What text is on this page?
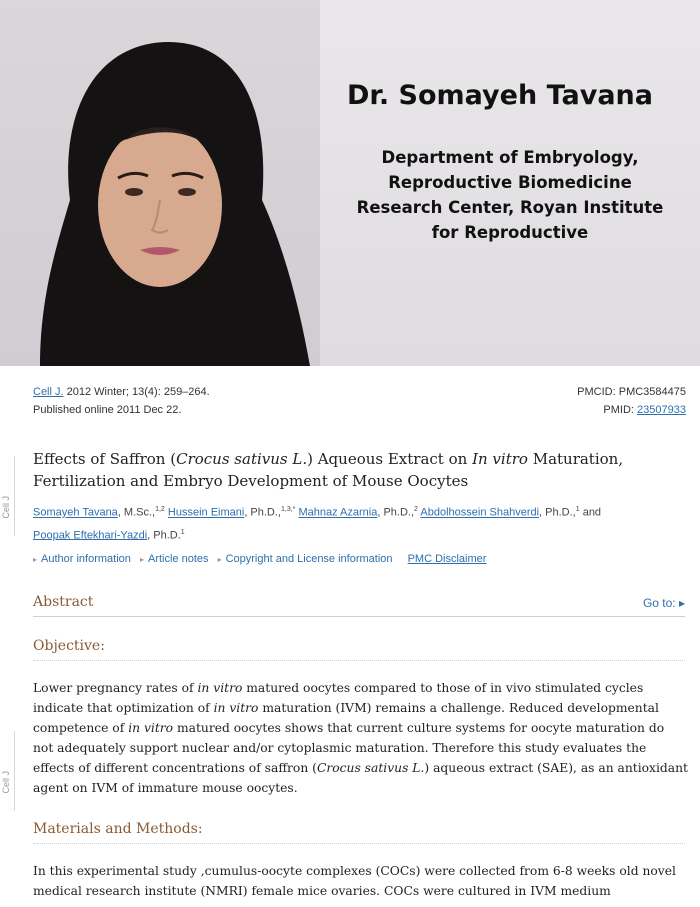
Dr. Somayeh Tavana
Department of Embryology, Reproductive Biomedicine Research Center, Royan Institute for Reproductive
Cell J
Cell J
Cell J. 2012 Winter; 13(4): 259–264.
Published online 2011 Dec 22.
PMCID: PMC3584475
PMID: 23507933
Effects of Saffron (Crocus sativus L.) Aqueous Extract on In vitro Maturation, Fertilization and Embryo Development of Mouse Oocytes
Somayeh Tavana, M.Sc.,$^{1,2}$ Hussein Eimani, Ph.D.,$^{1,3,*}$ Mahnaz Azarnia, Ph.D.,$^2$ Abdolhossein Shahverdi, Ph.D.,$^1$ and
Poopak Eftekhari-Yazdi, Ph.D.$^1$
▸ Author information ▸ Article notes ▸ Copyright and License information PMC Disclaimer
Abstract	Go to: ▸
Objective:
Lower pregnancy rates of in vitro matured oocytes compared to those of in vivo stimulated cycles indicate that optimization of in vitro maturation (IVM) remains a challenge. Reduced developmental competence of in vitro matured oocytes shows that current culture systems for oocyte maturation do not adequately support nuclear and/or cytoplasmic maturation. Therefore this study evaluates the effects of different concentrations of saffron (Crocus sativus L.) aqueous extract (SAE), as an antioxidant agent on IVM of immature mouse oocytes.
Materials and Methods:
In this experimental study ,cumulus-oocyte complexes (COCs) were collected from 6-8 weeks old novel medical research institute (NMRI) female mice ovaries. COCs were cultured in IVM medium
